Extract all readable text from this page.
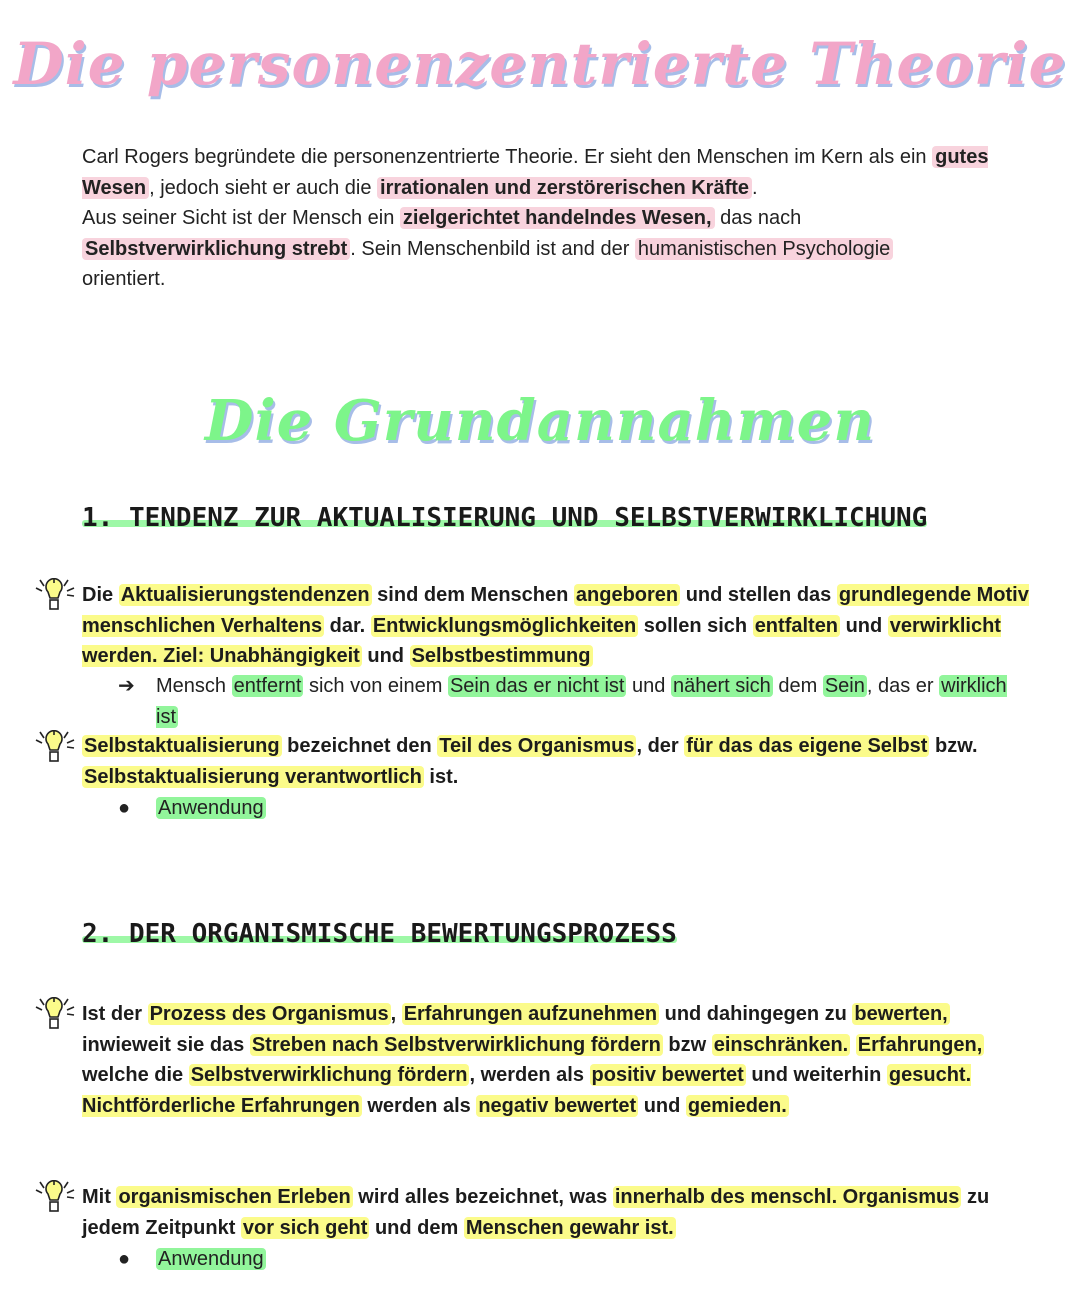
Die personenzentrierte Theorie
Carl Rogers begründete die personenzentrierte Theorie. Er sieht den Menschen im Kern als ein gutes Wesen , jedoch sieht er auch die irrationalen und zerstörerischen Kräfte .
Aus seiner Sicht ist der Mensch ein zielgerichtet handelndes Wesen, das nach
Selbstverwirklichung strebt . Sein Menschenbild ist and der humanistischen Psychologie
orientiert.
Die Grundannahmen
1. TENDENZ ZUR AKTUALISIERUNG UND SELBSTVERWIRKLICHUNG
Die Aktualisierungstendenzen sind dem Menschen angeboren und stellen das grundlegende Motiv menschlichen Verhaltens dar. Entwicklungsmöglichkeiten sollen sich entfalten und verwirklicht werden. Ziel: Unabhängigkeit und Selbstbestimmung
➔ Mensch entfernt sich von einem Sein das er nicht ist und nähert sich dem Sein , das er wirklich ist
Selbstaktualisierung bezeichnet den Teil des Organismus , der für das das eigene Selbst bzw. Selbstaktualisierung verantwortlich ist.
● Anwendung
2. DER ORGANISMISCHE BEWERTUNGSPROZESS
Ist der Prozess des Organismus , Erfahrungen aufzunehmen und dahingegen zu bewerten, inwieweit sie das Streben nach Selbstverwirklichung fördern bzw einschränken. Erfahrungen, welche die Selbstverwirklichung fördern , werden als positiv bewertet und weiterhin gesucht. Nichtförderliche Erfahrungen werden als negativ bewertet und gemieden.
Mit organismischen Erleben wird alles bezeichnet, was innerhalb des menschl. Organismus zu jedem Zeitpunkt vor sich geht und dem Menschen gewahr ist.
● Anwendung
